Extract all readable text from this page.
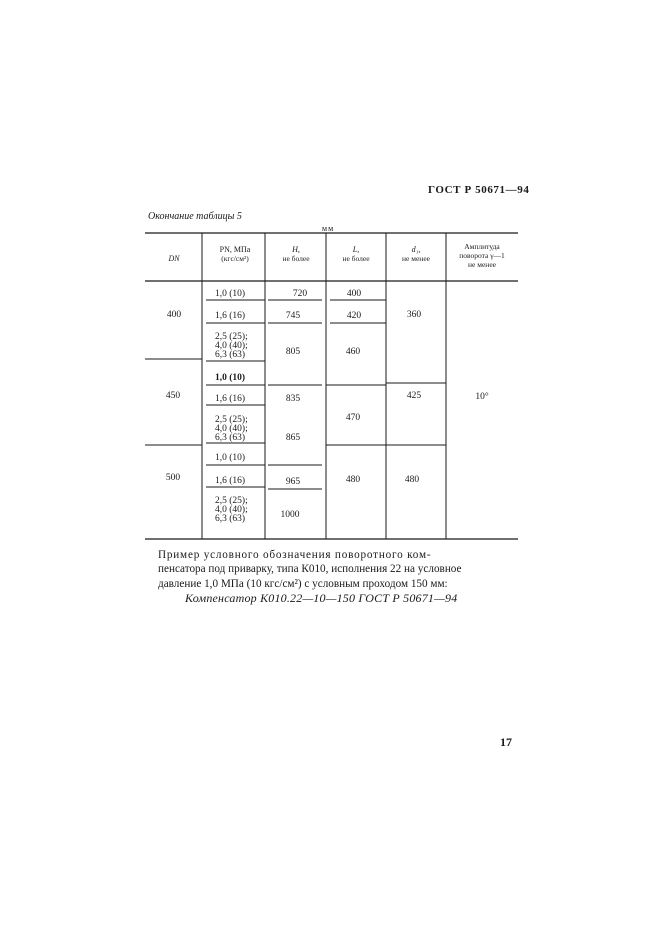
ГОСТ Р 50671—94
Окончание таблицы 5
мм
DN
PN, МПа
(кгс/см²)
H,
не более
L,
не более
d₁,
не менее
Амплитуда
поворота γ—1
не менее
400
450
500
1,0 (10)
1,6 (16)
2,5 (25);
4,0 (40);
6,3 (63)
1,0 (10)
1,6 (16)
2,5 (25);
4,0 (40);
6,3 (63)
1,0 (10)
1,6 (16)
2,5 (25);
4,0 (40);
6,3 (63)
720
745
805
835
865
965
1000
400
420
460
470
480
360
425
480
10°
Пример условного обозначения поворотного ком-
пенсатора под приварку, типа К010, исполнения 22 на условное
давление 1,0 МПа (10 кгс/см²) с условным проходом 150 мм:
Компенсатор К010.22—10—150 ГОСТ Р 50671—94
17
